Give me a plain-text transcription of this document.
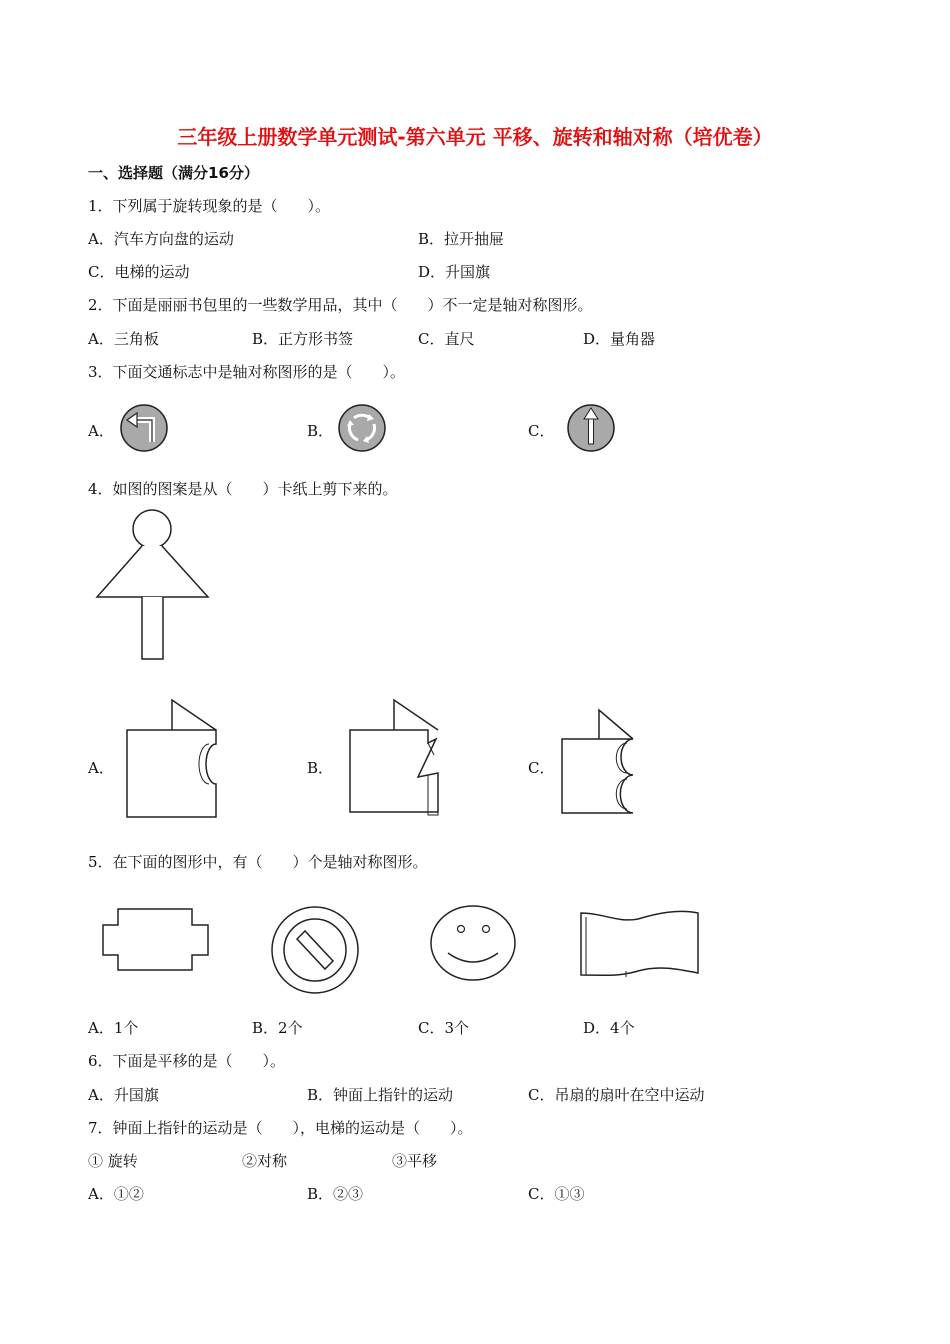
三年级上册数学单元测试-第六单元 平移、旋转和轴对称（培优卷）
一、选择题（满分16分）
1．下列属于旋转现象的是（　　）。
A．汽车方向盘的运动	B．拉开抽屉
C．电梯的运动	D．升国旗
2．下面是丽丽书包里的一些数学用品，其中（　　）不一定是轴对称图形。
A．三角板	B．正方形书签	C．直尺	D．量角器
3．下面交通标志中是轴对称图形的是（　　）。
A．	B．	C．
4．如图的图案是从（　　）卡纸上剪下来的。
A．	B．	C．
5．在下面的图形中，有（　　）个是轴对称图形。
A．1个	B．2个	C．3个	D．4个
6．下面是平移的是（　　）。
A．升国旗	B．钟面上指针的运动	C．吊扇的扇叶在空中运动
7．钟面上指针的运动是（　　），电梯的运动是（　　）。
① 旋转	②对称	③平移
A．①②	B．②③	C．①③
